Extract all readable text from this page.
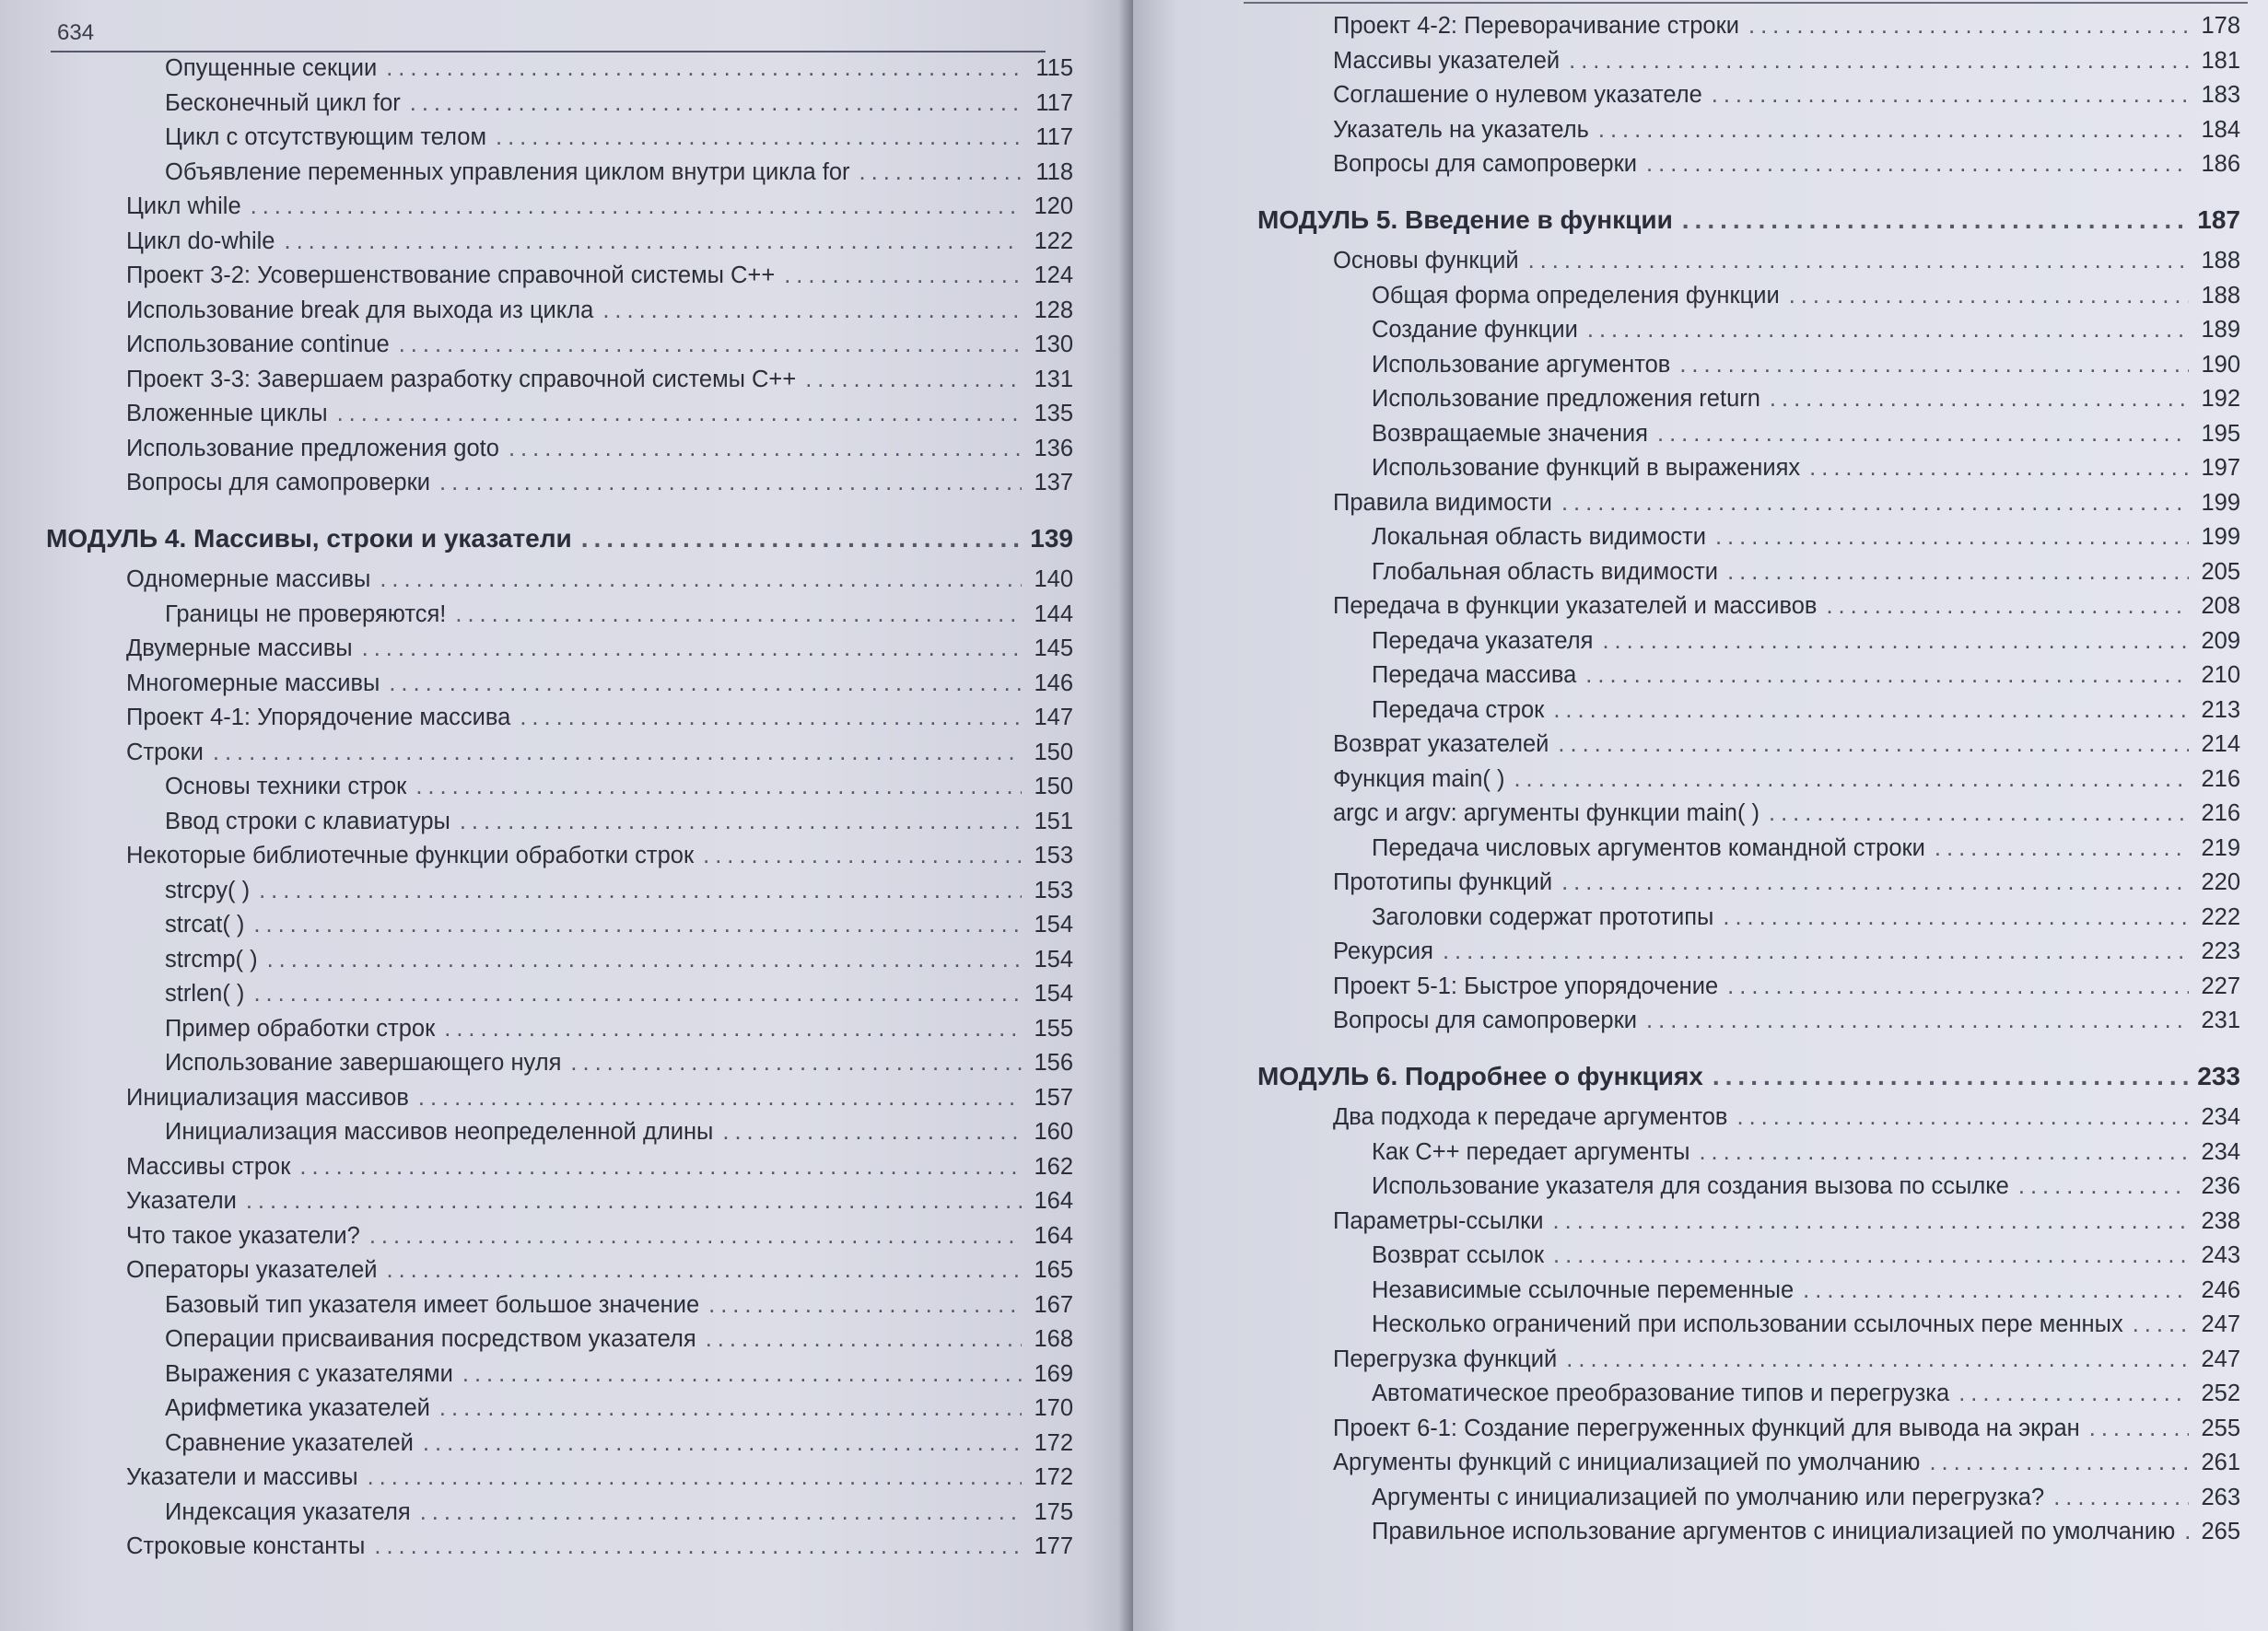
634
Опущенные секции .....	115
Бесконечный цикл for .....	117
Цикл с отсутствующим телом .....	117
Объявление переменных управления циклом внутри цикла for .....	118
Цикл while .....	120
Цикл do-while .....	122
Проект 3-2: Усовершенствование справочной системы C++ .....	124
Использование break для выхода из цикла .....	128
Использование continue .....	130
Проект 3-3: Завершаем разработку справочной системы C++ .....	131
Вложенные циклы .....	135
Использование предложения goto .....	136
Вопросы для самопроверки .....	137
МОДУЛЬ 4. Массивы, строки и указатели .....	139
Одномерные массивы .....	140
Границы не проверяются! .....	144
Двумерные массивы .....	145
Многомерные массивы .....	146
Проект 4-1: Упорядочение массива .....	147
Строки .....	150
Основы техники строк .....	150
Ввод строки с клавиатуры .....	151
Некоторые библиотечные функции обработки строк .....	153
strcpy( ) .....	153
strcat( ) .....	154
strcmp( ) .....	154
strlen( ) .....	154
Пример обработки строк .....	155
Использование завершающего нуля .....	156
Инициализация массивов .....	157
Инициализация массивов неопределенной длины .....	160
Массивы строк .....	162
Указатели .....	164
Что такое указатели? .....	164
Операторы указателей .....	165
Базовый тип указателя имеет большое значение .....	167
Операции присваивания посредством указателя .....	168
Выражения с указателями .....	169
Арифметика указателей .....	170
Сравнение указателей .....	172
Указатели и массивы .....	172
Индексация указателя .....	175
Строковые константы .....	177
Проект 4-2: Переворачивание строки .....	178
Массивы указателей .....	181
Соглашение о нулевом указателе .....	183
Указатель на указатель .....	184
Вопросы для самопроверки .....	186
МОДУЛЬ 5. Введение в функции .....	187
Основы функций .....	188
Общая форма определения функции .....	188
Создание функции .....	189
Использование аргументов .....	190
Использование предложения return .....	192
Возвращаемые значения .....	195
Использование функций в выражениях .....	197
Правила видимости .....	199
Локальная область видимости .....	199
Глобальная область видимости .....	205
Передача в функции указателей и массивов .....	208
Передача указателя .....	209
Передача массива .....	210
Передача строк .....	213
Возврат указателей .....	214
Функция main( ) .....	216
argc и argv: аргументы функции main( ) .....	216
Передача числовых аргументов командной строки .....	219
Прототипы функций .....	220
Заголовки содержат прототипы .....	222
Рекурсия .....	223
Проект 5-1: Быстрое упорядочение .....	227
Вопросы для самопроверки .....	231
МОДУЛЬ 6. Подробнее о функциях .....	233
Два подхода к передаче аргументов .....	234
Как C++ передает аргументы .....	234
Использование указателя для создания вызова по ссылке .....	236
Параметры-ссылки .....	238
Возврат ссылок .....	243
Независимые ссылочные переменные .....	246
Несколько ограничений при использовании ссылочных пере менных .....	247
Перегрузка функций .....	247
Автоматическое преобразование типов и перегрузка .....	252
Проект 6-1: Создание перегруженных функций для вывода на экран .....	255
Аргументы функций с инициализацией по умолчанию .....	261
Аргументы с инициализацией по умолчанию или перегрузка? .....	263
Правильное использование аргументов с инициализацией по умолчанию ..... 265
